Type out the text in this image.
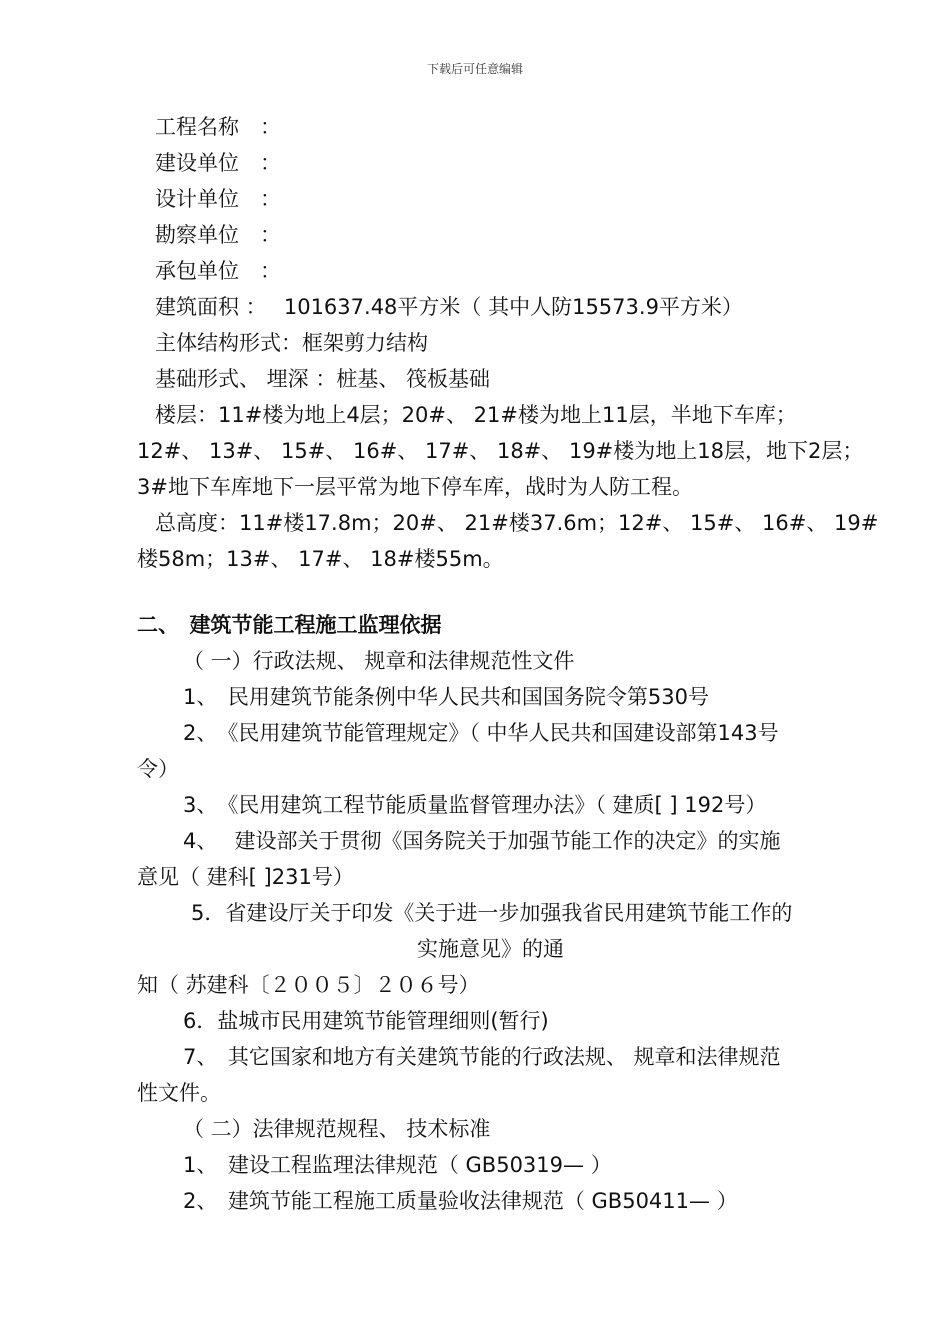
下载后可任意编辑
工程名称　：
建设单位　：
设计单位　：
勘察单位　：
承包单位　：
建筑面积 ：　 101637.48平方米（ 其中人防15573.9平方米）
主体结构形式：框架剪力结构
基础形式、 埋深 ：桩基、 筏板基础
楼层：11#楼为地上4层；20#、 21#楼为地上11层，半地下车库；
12#、 13#、 15#、 16#、 17#、 18#、 19#楼为地上18层，地下2层；
3#地下车库地下一层平常为地下停车库，战时为人防工程。
总高度：11#楼17.8m；20#、 21#楼37.6m；12#、 15#、 16#、 19#
楼58m；13#、 17#、 18#楼55m。
二、　建筑节能工程施工监理依据
（ 一）行政法规、 规章和法律规范性文件
1、　民用建筑节能条例中华人民共和国国务院令第530号
2、　《民用建筑节能管理规定》（ 中华人民共和国建设部第143号
令）
3、　《民用建筑工程节能质量监督管理办法》（ 建质[ ] 192号）
4、　 建设部关于贯彻《国务院关于加强节能工作的决定》的实施
意见（ 建科[ ]231号）
5．省建设厅关于印发《关于进一步加强我省民用建筑节能工作的
实施意见》的通
知（ 苏建科〔２００５〕２０６号）
6．盐城市民用建筑节能管理细则(暂行)
7、　其它国家和地方有关建筑节能的行政法规、 规章和法律规范
性文件。
（ 二）法律规范规程、 技术标准
1、　建设工程监理法律规范（ GB50319— ）
2、　建筑节能工程施工质量验收法律规范（ GB50411— ）
